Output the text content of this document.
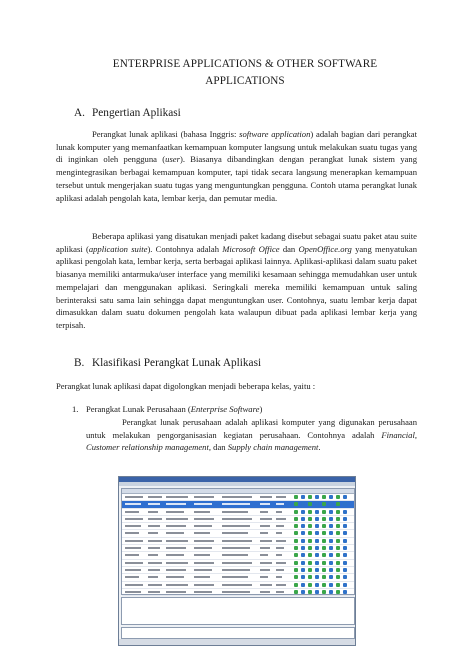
ENTERPRISE APPLICATIONS & OTHER SOFTWARE
APPLICATIONS
A. Pengertian Aplikasi

Perangkat lunak aplikasi (bahasa Inggris: software application) adalah bagian dari perangkat lunak komputer yang memanfaatkan kemampuan komputer langsung untuk melakukan suatu tugas yang di inginkan oleh pengguna (user). Biasanya dibandingkan dengan perangkat lunak sistem yang mengintegrasikan berbagai kemampuan komputer, tapi tidak secara langsung menerapkan kemampuan tersebut untuk mengerjakan suatu tugas yang menguntungkan pengguna. Contoh utama perangkat lunak aplikasi adalah pengolah kata, lembar kerja, dan pemutar media.

Beberapa aplikasi yang disatukan menjadi paket kadang disebut sebagai suatu paket atau suite aplikasi (application suite). Contohnya adalah Microsoft Office dan OpenOffice.org yang menyatukan aplikasi pengolah kata, lembar kerja, serta berbagai aplikasi lainnya. Aplikasi-aplikasi dalam suatu paket biasanya memiliki antarmuka/user interface yang memiliki kesamaan sehingga memudahkan user untuk mempelajari dan menggunakan aplikasi. Seringkali mereka memiliki kemampuan untuk saling berinteraksi satu sama lain sehingga dapat menguntungkan user. Contohnya, suatu lembar kerja dapat dimasukkan dalam suatu dokumen pengolah kata walaupun dibuat pada aplikasi lembar kerja yang terpisah.

B. Klasifikasi Perangkat Lunak Aplikasi

Perangkat lunak aplikasi dapat digolongkan menjadi beberapa kelas, yaitu :

1. Perangkat Lunak Perusahaan (Enterprise Software)

Perangkat lunak perusahaan adalah aplikasi komputer yang digunakan perusahaan untuk melakukan pengorganisasian kegiatan perusahaan. Contohnya adalah Financial, Customer relationship management, dan Supply chain management.
